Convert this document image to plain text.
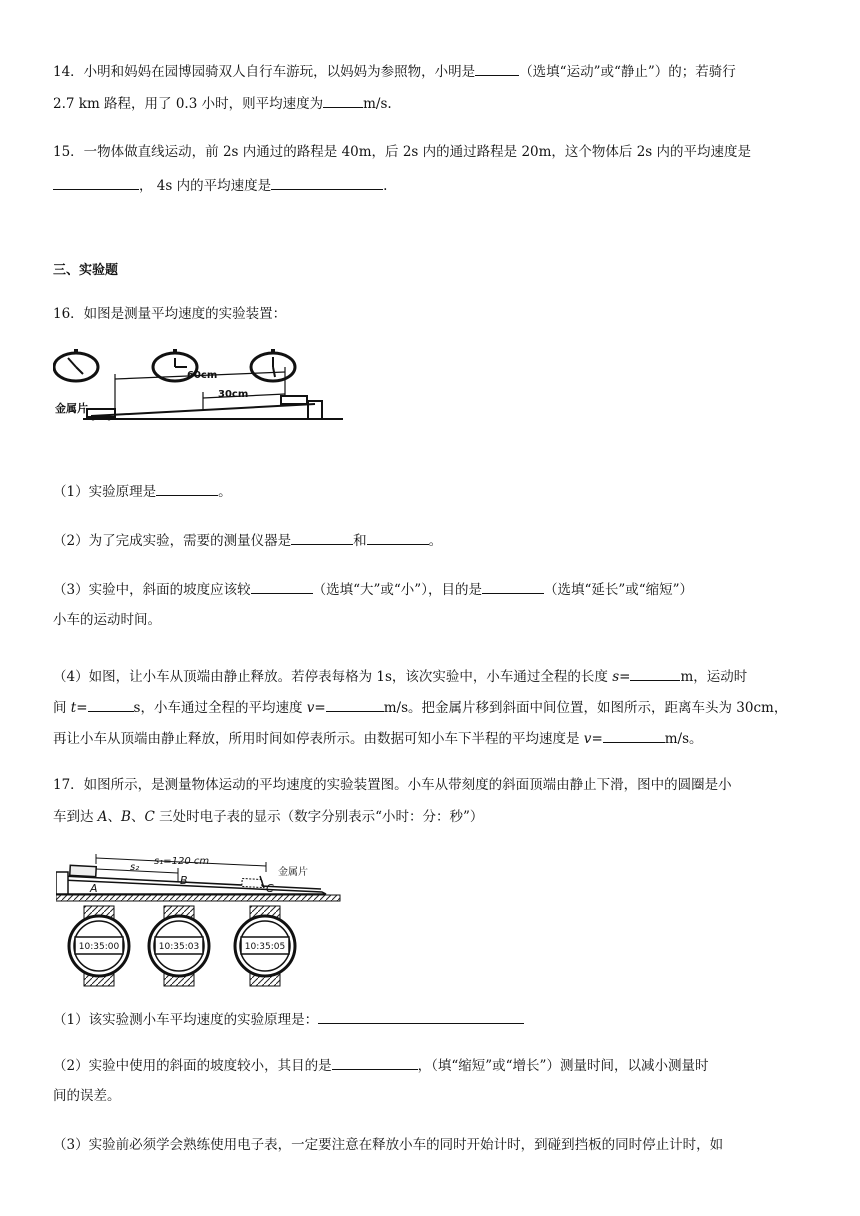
14．小明和妈妈在园博园骑双人自行车游玩，以妈妈为参照物，小明是	（选填“运动”或“静止”）的；若骑行
2.7 km 路程，用了 0.3 小时，则平均速度为	m/s.
15．一物体做直线运动，前 2s 内通过的路程是 40m，后 2s 内的通过路程是 20m，这个物体后 2s 内的平均速度是
， 4s 内的平均速度是	.
三、实验题
16．如图是测量平均速度的实验装置：
金属片
60cm
30cm
（1）实验原理是	。
（2）为了完成实验，需要的测量仪器是	和	。
（3）实验中，斜面的坡度应该较	（选填“大”或“小”），目的是	（选填“延长”或“缩短”）
小车的运动时间。
（4）如图，让小车从顶端由静止释放。若停表每格为 1s，该次实验中，小车通过全程的长度 s=	m，运动时
间 t=	s，小车通过全程的平均速度 v=	m/s。把金属片移到斜面中间位置，如图所示，距离车头为 30cm，
再让小车从顶端由静止释放，所用时间如停表所示。由数据可知小车下半程的平均速度是 v=	m/s。
17．如图所示，是测量物体运动的平均速度的实验装置图。小车从带刻度的斜面顶端由静止下滑，图中的圆圈是小
车到达 A、B、C 三处时电子表的显示（数字分别表示“小时：分：秒”）
s₁=120 cm
s₂
A
B
C
金属片
10:35:00	10:35:03	10:35:05
（1）该实验测小车平均速度的实验原理是：
（2）实验中使用的斜面的坡度较小，其目的是	，（填“缩短”或“增长”）测量时间，以减小测量时
间的误差。
（3）实验前必须学会熟练使用电子表，一定要注意在释放小车的同时开始计时，到碰到挡板的同时停止计时，如
